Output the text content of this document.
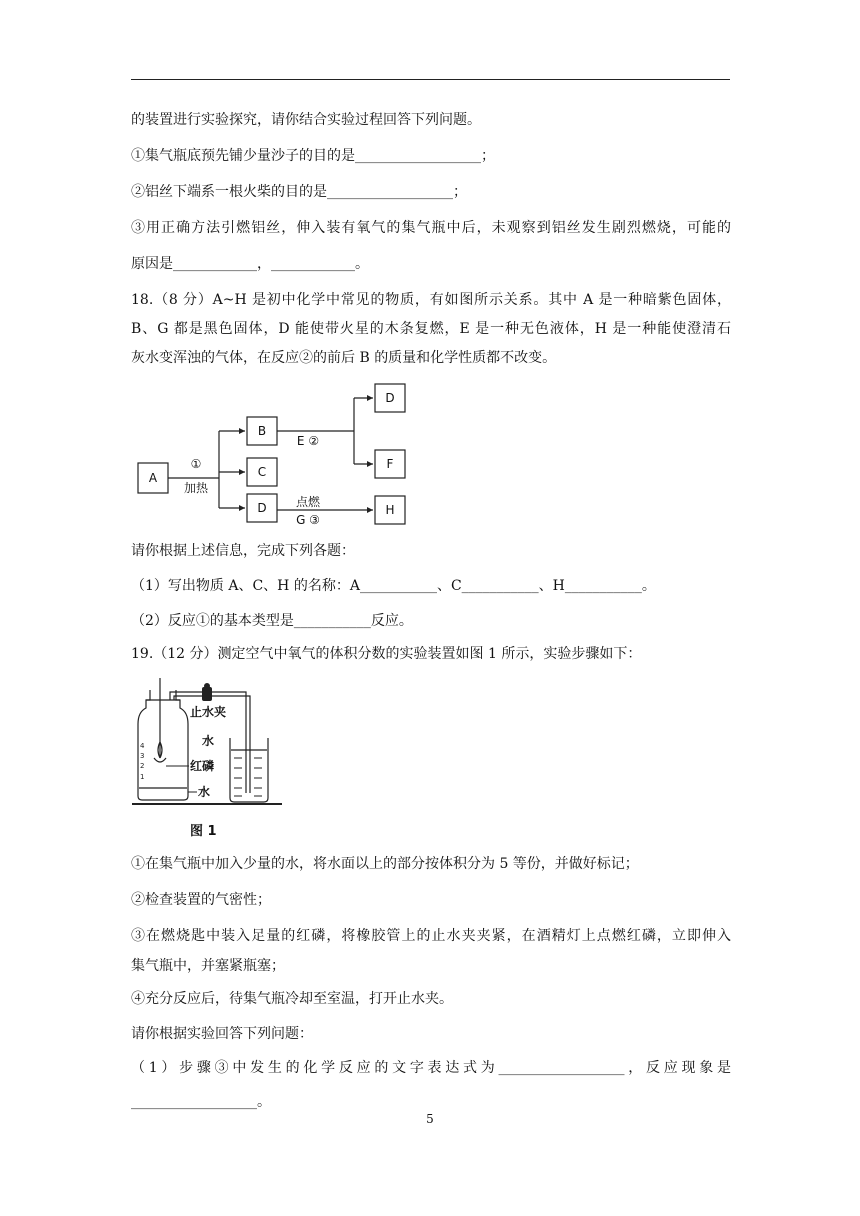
的装置进行实验探究，请你结合实验过程回答下列问题。
①集气瓶底预先铺少量沙子的目的是__________________；
②铝丝下端系一根火柴的目的是__________________；
③用正确方法引燃铝丝，伸入装有氧气的集气瓶中后，未观察到铝丝发生剧烈燃烧，可能的
原因是____________，____________。
18.（8 分）A~H 是初中化学中常见的物质，有如图所示关系。其中 A 是一种暗紫色固体，
B、G 都是黑色固体，D 能使带火星的木条复燃，E 是一种无色液体，H 是一种能使澄清石
灰水变浑浊的气体，在反应②的前后 B 的质量和化学性质都不改变。
A
B
C
D
D
F
H
①
加热
E ②
点燃
G ③
请你根据上述信息，完成下列各题：
（1）写出物质 A、C、H 的名称：A___________、C___________、H___________。
（2）反应①的基本类型是___________反应。
19.（12 分）测定空气中氧气的体积分数的实验装置如图 1 所示，实验步骤如下：
4
3
2
1
止水夹
水
红磷
水
图 1
①在集气瓶中加入少量的水，将水面以上的部分按体积分为 5 等份，并做好标记；
②检查装置的气密性；
③在燃烧匙中装入足量的红磷，将橡胶管上的止水夹夹紧，在酒精灯上点燃红磷，立即伸入
集气瓶中，并塞紧瓶塞；
④充分反应后，待集气瓶冷却至室温，打开止水夹。
请你根据实验回答下列问题：
（1）步骤③中发生的化学反应的文字表达式为__________________，反应现象是
__________________。
5
